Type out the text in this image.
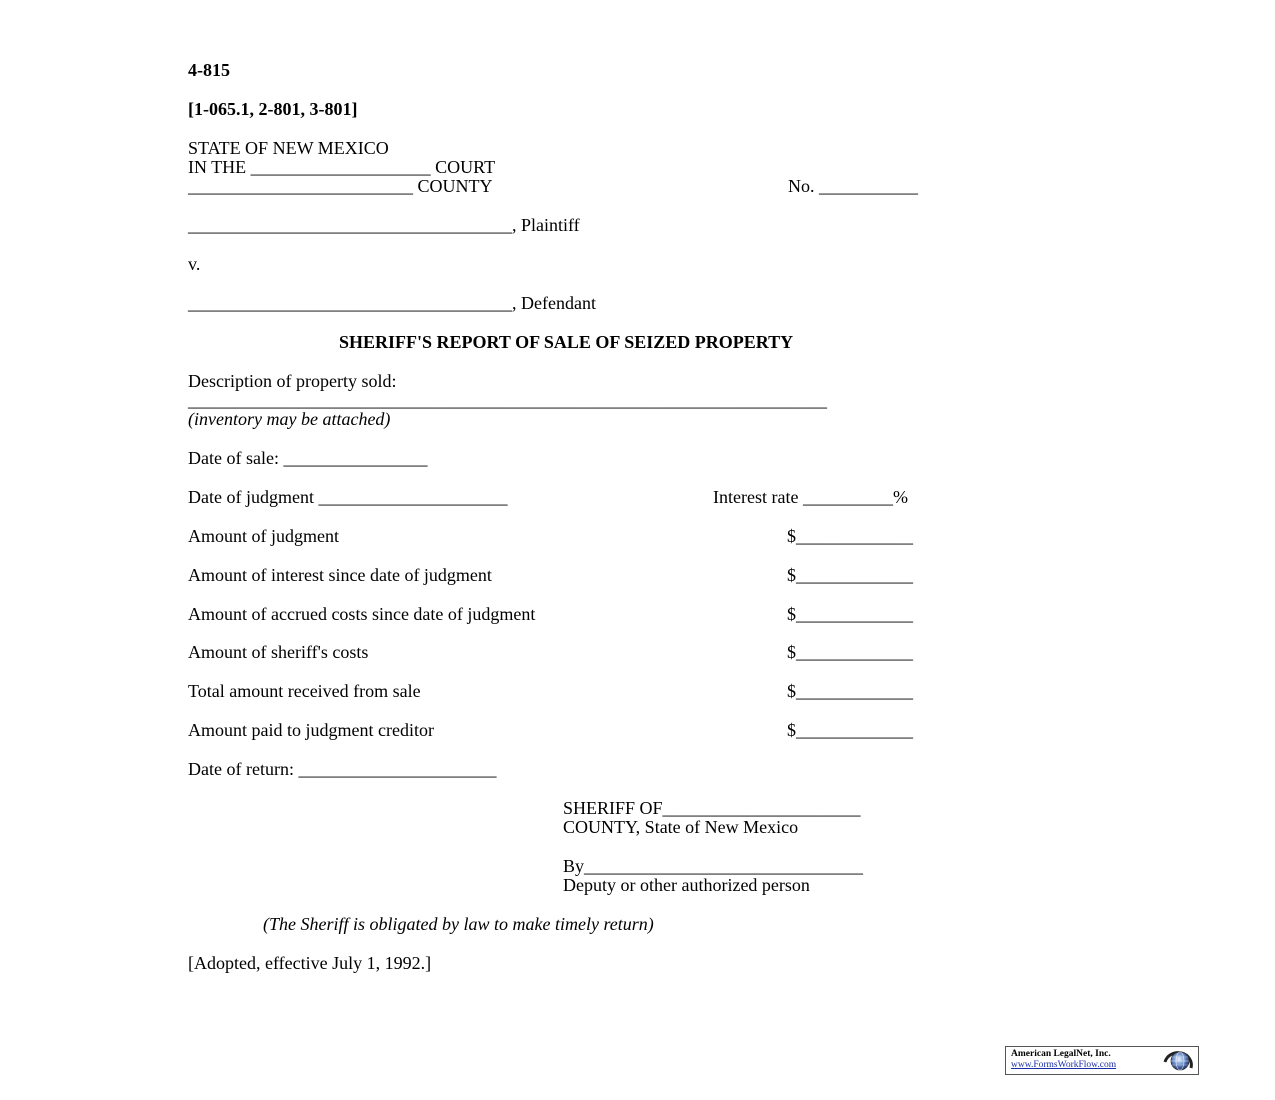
4-815
[1-065.1, 2-801, 3-801]
STATE OF NEW MEXICO
IN THE ____________________ COURT
_________________________ COUNTY	No. ___________
____________________________________, Plaintiff
v.
____________________________________, Defendant
SHERIFF'S REPORT OF SALE OF SEIZED PROPERTY
Description of property sold:
_______________________________________________________________________
(inventory may be attached)
Date of sale: ________________
Date of judgment _____________________	Interest rate __________%
Amount of judgment	$_____________
Amount of interest since date of judgment	$_____________
Amount of accrued costs since date of judgment	$_____________
Amount of sheriff's costs	$_____________
Total amount received from sale	$_____________
Amount paid to judgment creditor	$_____________
Date of return: ______________________
SHERIFF OF______________________
COUNTY, State of New Mexico
By_______________________________
Deputy or other authorized person
(The Sheriff is obligated by law to make timely return)
[Adopted, effective July 1, 1992.]
American LegalNet, Inc.
www.FormsWorkFlow.com
